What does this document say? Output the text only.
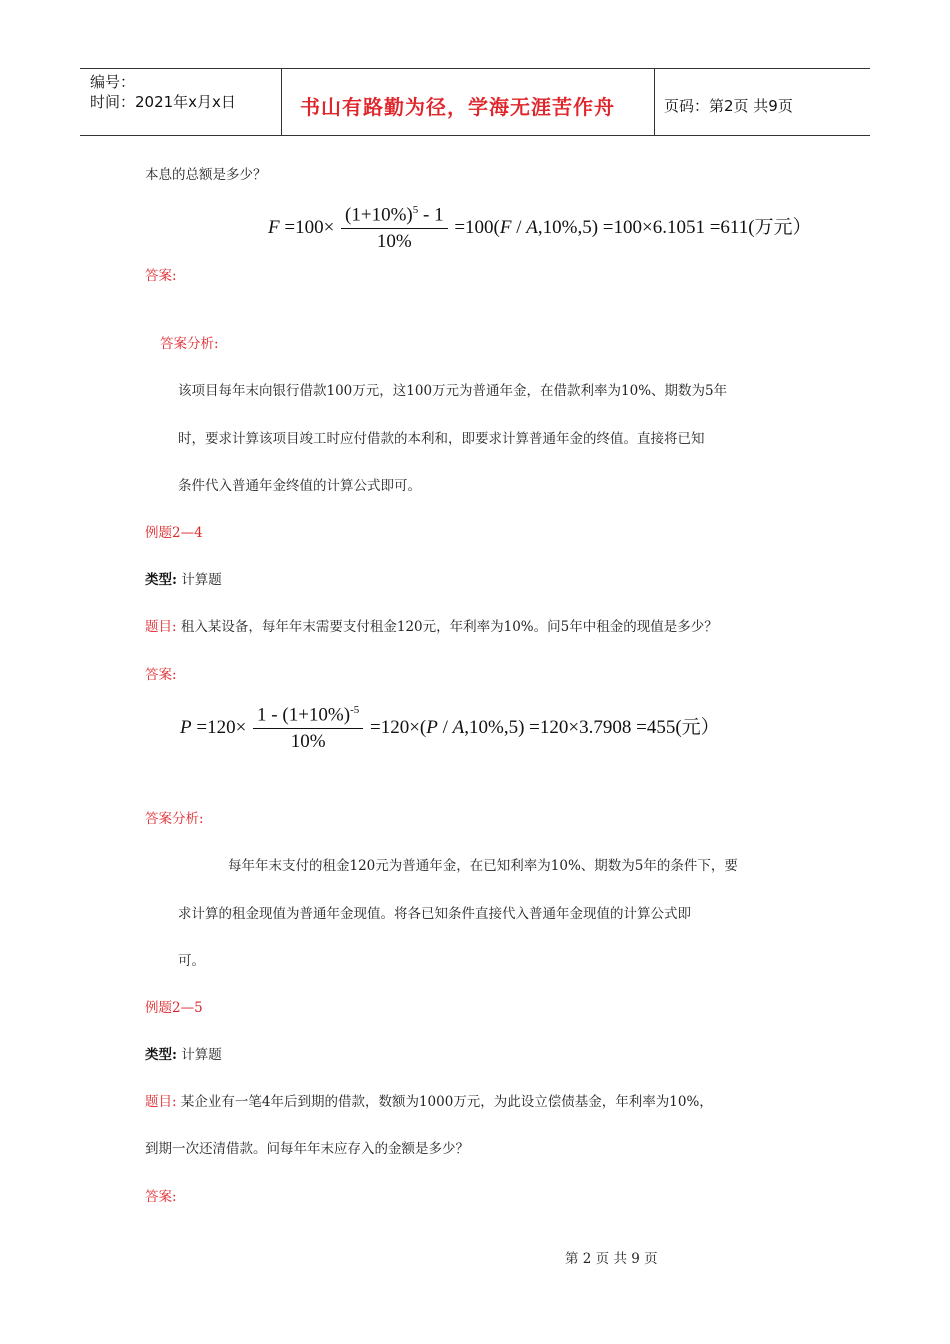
编号：
时间：2021年x月x日	书山有路勤为径，学海无涯苦作舟	页码：第2页 共9页
本息的总额是多少？
$F =100\times \frac{(1+10\%)^5 - 1}{10\%} =100(F / A,10\%,5) =100\times 6.1051 =611$(万元）
答案:
答案分析:
该项目每年末向银行借款100万元，这100万元为普通年金，在借款利率为10%、期数为5年
时，要求计算该项目竣工时应付借款的本利和，即要求计算普通年金的终值。直接将已知
条件代入普通年金终值的计算公式即可。
例题2—4
类型: 计算题
题目: 租入某设备，每年年末需要支付租金120元，年利率为10%。问5年中租金的现值是多少？
答案:
$P =120\times \frac{1 - (1+10\%)^{-5}}{10\%} =120\times(P / A,10\%,5) =120\times 3.7908 =455$(元）
答案分析:
每年年末支付的租金120元为普通年金，在已知利率为10%、期数为5年的条件下，要
求计算的租金现值为普通年金现值。将各已知条件直接代入普通年金现值的计算公式即
可。
例题2—5
类型: 计算题
题目: 某企业有一笔4年后到期的借款，数额为1000万元，为此设立偿债基金，年利率为10%，
到期一次还清借款。问每年年末应存入的金额是多少？
答案:
第 2 页 共 9 页
